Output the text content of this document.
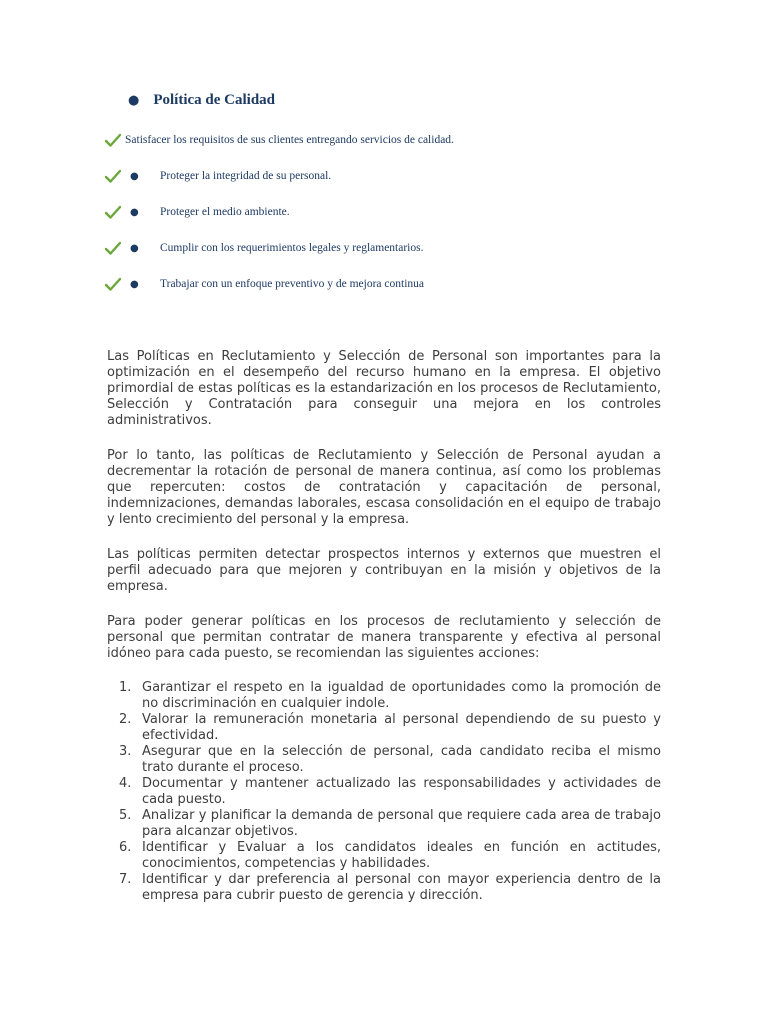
● Política de Calidad
Satisfacer los requisitos de sus clientes entregando servicios de calidad.
●	Proteger la integridad de su personal.
●	Proteger el medio ambiente.
●	Cumplir con los requerimientos legales y reglamentarios.
●	Trabajar con un enfoque preventivo y de mejora continua

Las Políticas en Reclutamiento y Selección de Personal son importantes para la optimización en el desempeño del recurso humano en la empresa. El objetivo primordial de estas políticas es la estandarización en los procesos de Reclutamiento, Selección y Contratación para conseguir una mejora en los controles administrativos.

Por lo tanto, las políticas de Reclutamiento y Selección de Personal ayudan a decrementar la rotación de personal de manera continua, así como los problemas que repercuten: costos de contratación y capacitación de personal, indemnizaciones, demandas laborales, escasa consolidación en el equipo de trabajo y lento crecimiento del personal y la empresa.

Las políticas permiten detectar prospectos internos y externos que muestren el perfil adecuado para que mejoren y contribuyan en la misión y objetivos de la empresa.

Para poder generar políticas en los procesos de reclutamiento y selección de personal que permitan contratar de manera transparente y efectiva al personal idóneo para cada puesto, se recomiendan las siguientes acciones:

1. Garantizar el respeto en la igualdad de oportunidades como la promoción de no discriminación en cualquier indole.
2. Valorar la remuneración monetaria al personal dependiendo de su puesto y efectividad.
3. Asegurar que en la selección de personal, cada candidato reciba el mismo trato durante el proceso.
4. Documentar y mantener actualizado las responsabilidades y actividades de cada puesto.
5. Analizar y planificar la demanda de personal que requiere cada area de trabajo para alcanzar objetivos.
6. Identificar y Evaluar a los candidatos ideales en función en actitudes, conocimientos, competencias y habilidades.
7. Identificar y dar preferencia al personal con mayor experiencia dentro de la empresa para cubrir puesto de gerencia y dirección.
